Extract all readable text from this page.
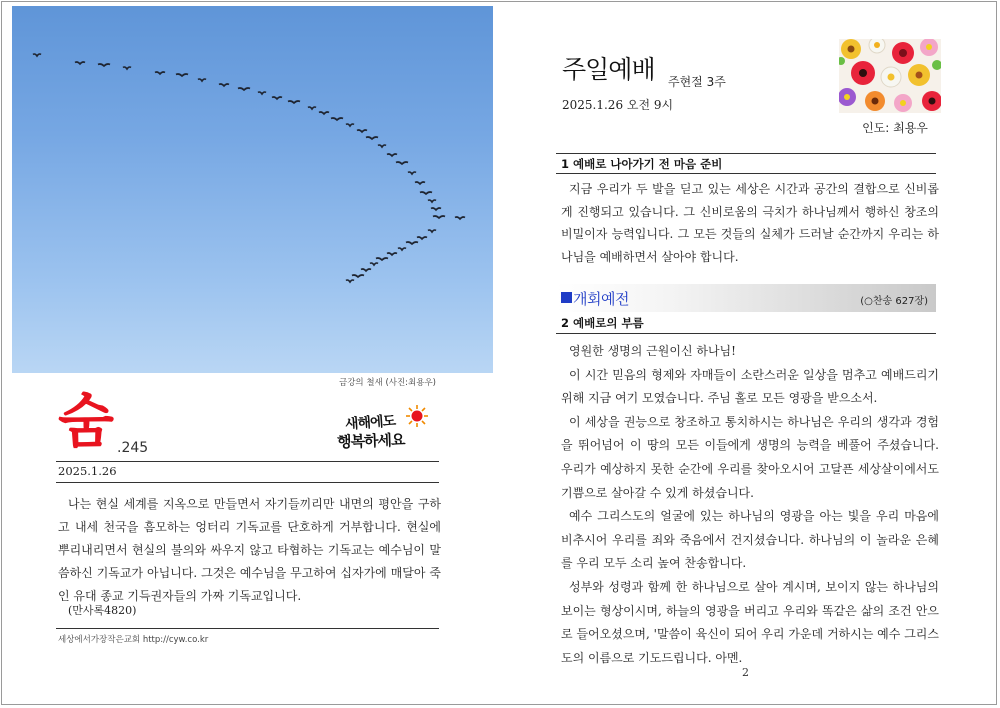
금강의 철새 (사진:최용우)
숨 .245
새해에도
행복하세요
2025.1.26
나는 현실 세계를 지옥으로 만들면서 자기들끼리만 내면의 평안을 구하고 내세 천국을 흠모하는 엉터리 기독교를 단호하게 거부합니다. 현실에 뿌리내리면서 현실의 불의와 싸우지 않고 타협하는 기독교는 예수님이 말씀하신 기독교가 아닙니다. 그것은 예수님을 무고하여 십자가에 매달아 죽인 유대 종교 기득권자들의 가짜 기독교입니다.
(만사록4820)
세상에서가장작은교회 http://cyw.co.kr
주일예배 주현절 3주
2025.1.26 오전 9시
인도: 최용우
1 예배로 나아가기 전 마음 준비
지금 우리가 두 발을 딛고 있는 세상은 시간과 공간의 결합으로 신비롭게 진행되고 있습니다. 그 신비로움의 극치가 하나님께서 행하신 창조의 비밀이자 능력입니다. 그 모든 것들의 실체가 드러날 순간까지 우리는 하나님을 예배하면서 살아야 합니다.
개회예전	(○찬송 627장)
2 예배로의 부름

영원한 생명의 근원이신 하나님!

이 시간 믿음의 형제와 자매들이 소란스러운 일상을 멈추고 예배드리기 위해 지금 여기 모였습니다. 주님 홀로 모든 영광을 받으소서.

이 세상을 권능으로 창조하고 통치하시는 하나님은 우리의 생각과 경험을 뛰어넘어 이 땅의 모든 이들에게 생명의 능력을 베풀어 주셨습니다. 우리가 예상하지 못한 순간에 우리를 찾아오시어 고달픈 세상살이에서도 기쁨으로 살아갈 수 있게 하셨습니다.

예수 그리스도의 얼굴에 있는 하나님의 영광을 아는 빛을 우리 마음에 비추시어 우리를 죄와 죽음에서 건지셨습니다. 하나님의 이 놀라운 은혜를 우리 모두 소리 높여 찬송합니다.

성부와 성령과 함께 한 하나님으로 살아 계시며, 보이지 않는 하나님의 보이는 형상이시며, 하늘의 영광을 버리고 우리와 똑같은 삶의 조건 안으로 들어오셨으며, '말씀이 육신이 되어 우리 가운데 거하시는 예수 그리스도의 이름으로 기도드립니다. 아멘.

2
